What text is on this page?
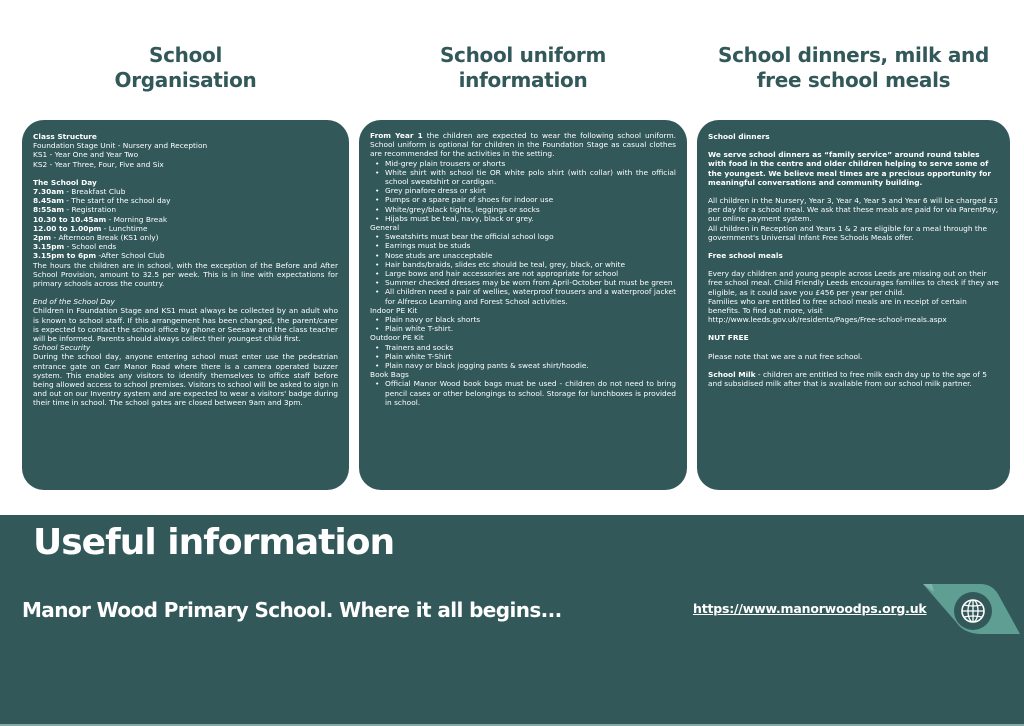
School
Organisation
School uniform
information
School dinners, milk and
free school meals

Class Structure

Foundation Stage Unit - Nursery and Reception

KS1 - Year One and Year Two

KS2 - Year Three, Four, Five and Six

The School Day

7.30am - Breakfast Club

8.45am - The start of the school day

8:55am - Registration

10.30 to 10.45am - Morning Break

12.00 to 1.00pm - Lunchtime

2pm - Afternoon Break (KS1 only)

3.15pm - School ends

3.15pm to 6pm -After School Club

The hours the children are in school, with the exception of the Before and After School Provision, amount to 32.5 per week. This is in line with expectations for primary schools across the country.

End of the School Day

Children in Foundation Stage and KS1 must always be collected by an adult who is known to school staff. If this arrangement has been changed, the parent/carer is expected to contact the school office by phone or Seesaw and the class teacher will be informed. Parents should always collect their youngest child first.

School Security

During the school day, anyone entering school must enter use the pedestrian entrance gate on Carr Manor Road where there is a camera operated buzzer system. This enables any visitors to identify themselves to office staff before being allowed access to school premises. Visitors to school will be asked to sign in and out on our Inventry system and are expected to wear a visitors' badge during their time in school. The school gates are closed between 9am and 3pm.

From Year 1 the children are expected to wear the following school uniform. School uniform is optional for children in the Foundation Stage as casual clothes are recommended for the activities in the setting.

• Mid-grey plain trousers or shorts
• White shirt with school tie OR white polo shirt (with collar) with the official school sweatshirt or cardigan.
• Grey pinafore dress or skirt
• Pumps or a spare pair of shoes for indoor use
• White/grey/black tights, leggings or socks
• Hijabs must be teal, navy, black or grey.

General

• Sweatshirts must bear the official school logo
• Earrings must be studs
• Nose studs are unacceptable
• Hair bands/braids, slides etc should be teal, grey, black, or white
• Large bows and hair accessories are not appropriate for school
• Summer checked dresses may be worn from April-October but must be green
• All children need a pair of wellies, waterproof trousers and a waterproof jacket for Alfresco Learning and Forest School activities.

Indoor PE Kit

• Plain navy or black shorts
• Plain white T-shirt.

Outdoor PE Kit

• Trainers and socks
• Plain white T-Shirt
• Plain navy or black jogging pants & sweat shirt/hoodie.

Book Bags

• Official Manor Wood book bags must be used - children do not need to bring pencil cases or other belongings to school. Storage for lunchboxes is provided in school.

School dinners

We serve school dinners as “family service” around round tables with food in the centre and older children helping to serve some of the youngest. We believe meal times are a precious opportunity for meaningful conversations and community building.

All children in the Nursery, Year 3, Year 4, Year 5 and Year 6 will be charged £3 per day for a school meal. We ask that these meals are paid for via ParentPay, our online payment system.

All children in Reception and Years 1 & 2 are eligible for a meal through the government's Universal Infant Free Schools Meals offer.

Free school meals

Every day children and young people across Leeds are missing out on their free school meal. Child Friendly Leeds encourages families to check if they are eligible, as it could save you £456 per year per child.

Families who are entitled to free school meals are in receipt of certain benefits. To find out more, visit

http://www.leeds.gov.uk/residents/Pages/Free-school-meals.aspx

NUT FREE

Please note that we are a nut free school.

School Milk - children are entitled to free milk each day up to the age of 5 and subsidised milk after that is available from our school milk partner.

Useful information
Manor Wood Primary School. Where it all begins...	https://www.manorwoodps.org.uk
